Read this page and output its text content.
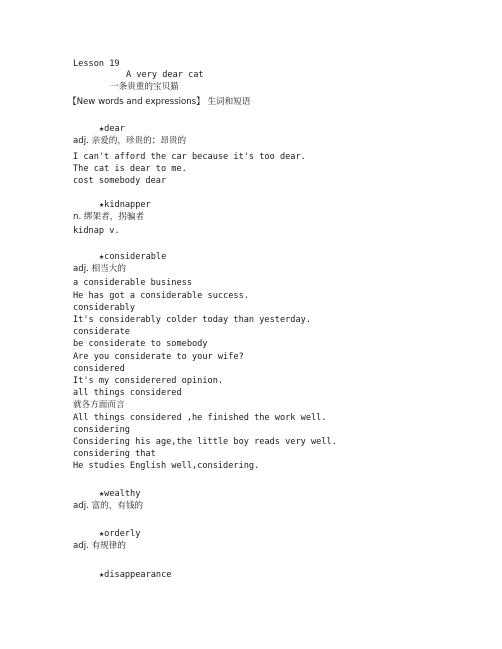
Lesson 19
A very dear cat
一条贵重的宝贝猫
【New words and expressions】 生词和短语
★dear
adj. 亲爱的，珍贵的；昂贵的
I can't afford the car because it's too dear.
The cat is dear to me.
cost somebody dear
★kidnapper
n. 绑架者，拐骗者
kidnap v.
★considerable
adj. 相当大的
a considerable business
He has got a considerable success.
considerably
It's considerably colder today than yesterday.
considerate
be considerate to somebody
Are you considerate to your wife?
considered
It's my considerered opinion.
all things considered
就各方面而言
All things considered ,he finished the work well.
considering
Considering his age,the little boy reads very well.
considering that
He studies English well,considering.
★wealthy
adj. 富的，有钱的
★orderly
adj. 有规律的
★disappearance
